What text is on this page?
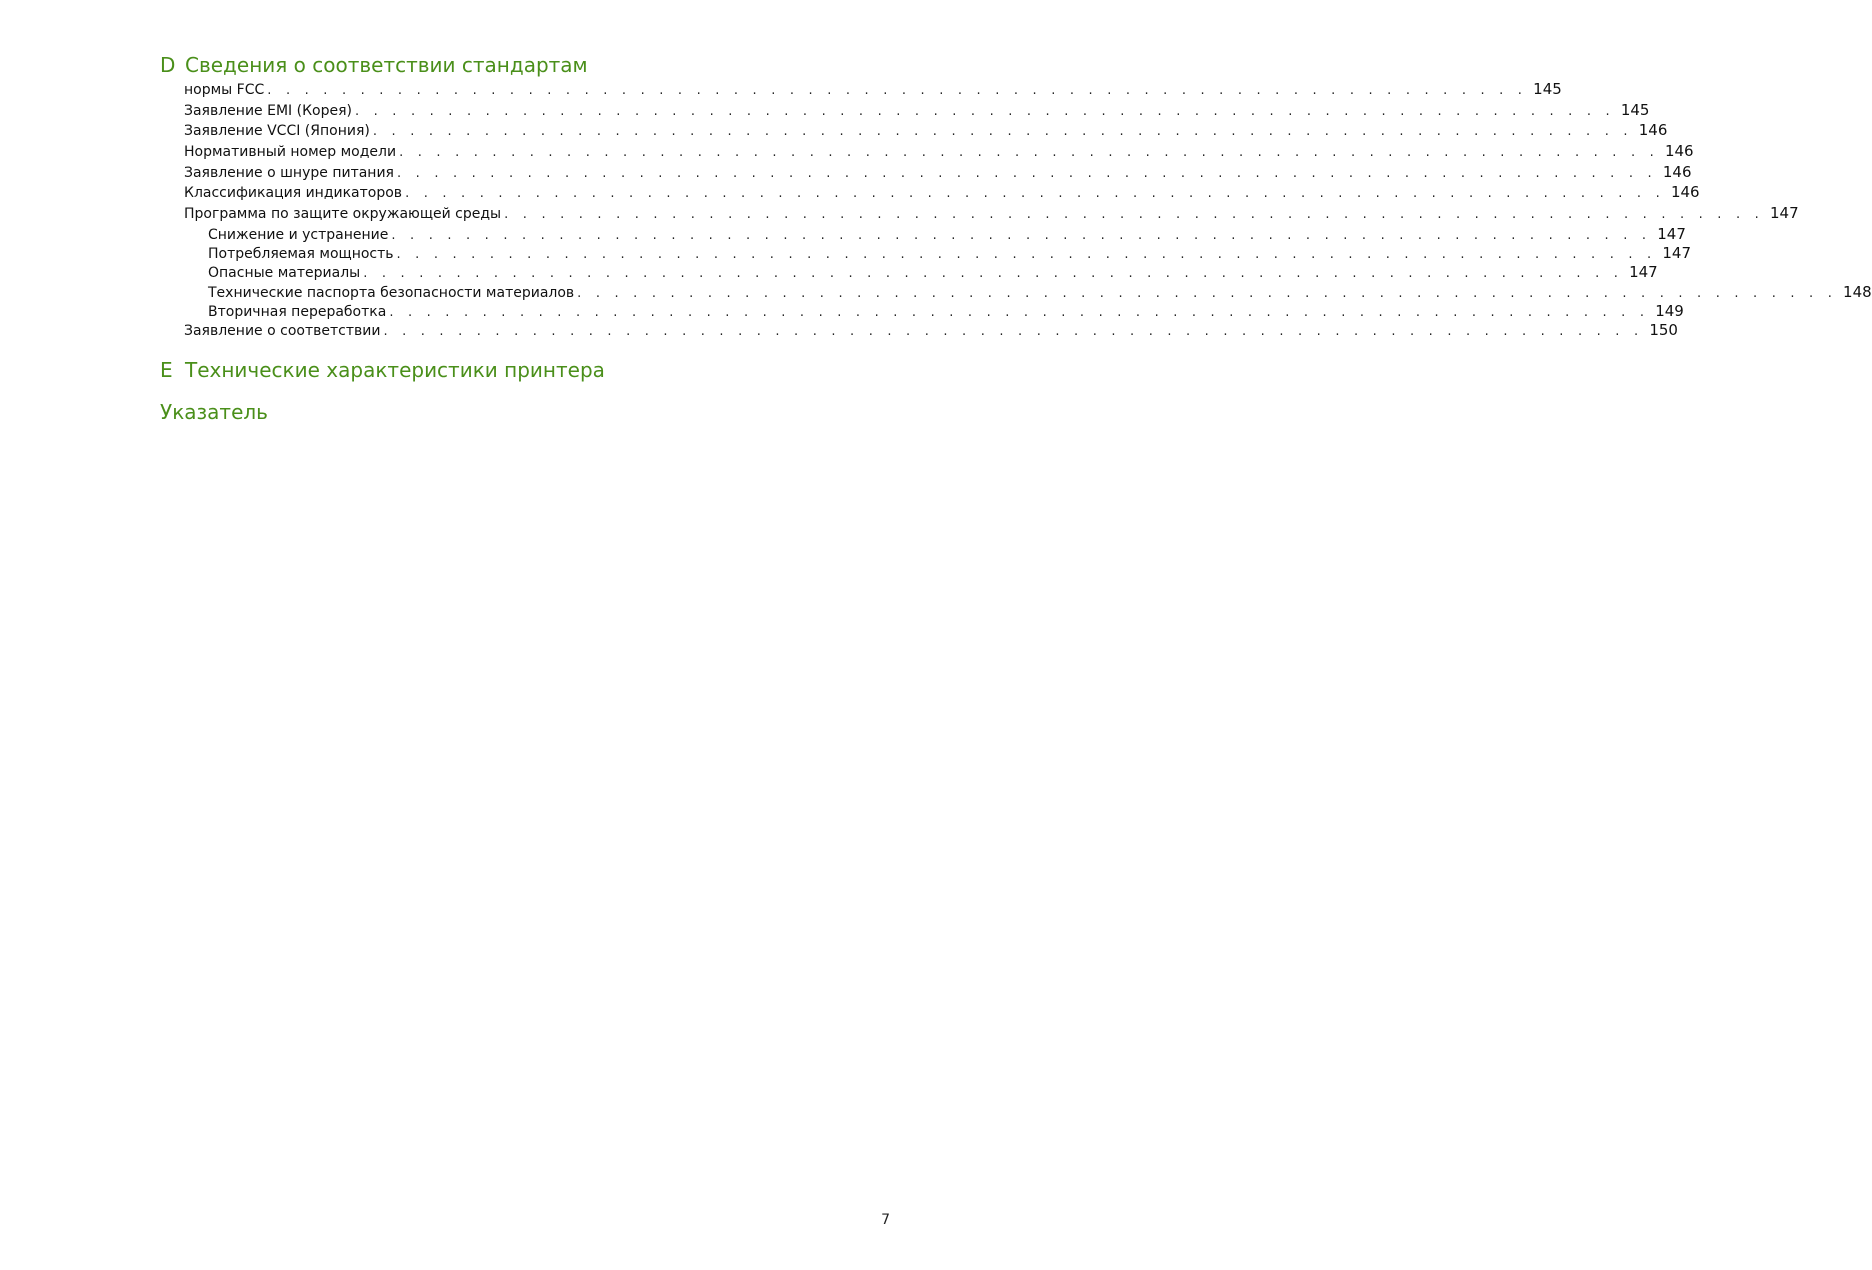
D Сведения о соответствии стандартам
нормы FCC . . . . . . . . . . . . . . . . . . . . . . . . . . . . . . . . . . . . . . . . . . . . . . . . . . . . . . . . . . . . . . . . . . . . 145
Заявление EMI (Корея) . . . . . . . . . . . . . . . . . . . . . . . . . . . . . . . . . . . . . . . . . . . . . . . . . . . . . . . . . . . . . . . . . . . . 145
Заявление VCCI (Япония) . . . . . . . . . . . . . . . . . . . . . . . . . . . . . . . . . . . . . . . . . . . . . . . . . . . . . . . . . . . . . . . . . . . . 146
Нормативный номер модели . . . . . . . . . . . . . . . . . . . . . . . . . . . . . . . . . . . . . . . . . . . . . . . . . . . . . . . . . . . . . . . . . . . . 146
Заявление о шнуре питания . . . . . . . . . . . . . . . . . . . . . . . . . . . . . . . . . . . . . . . . . . . . . . . . . . . . . . . . . . . . . . . . . . . . 146
Классификация индикаторов . . . . . . . . . . . . . . . . . . . . . . . . . . . . . . . . . . . . . . . . . . . . . . . . . . . . . . . . . . . . . . . . . . . . 146
Программа по защите окружающей среды . . . . . . . . . . . . . . . . . . . . . . . . . . . . . . . . . . . . . . . . . . . . . . . . . . . . . . . . . . . . . . . . . . . . 147
Снижение и устранение . . . . . . . . . . . . . . . . . . . . . . . . . . . . . . . . . . . . . . . . . . . . . . . . . . . . . . . . . . . . . . . . . . . . 147
Потребляемая мощность . . . . . . . . . . . . . . . . . . . . . . . . . . . . . . . . . . . . . . . . . . . . . . . . . . . . . . . . . . . . . . . . . . . . 147
Опасные материалы . . . . . . . . . . . . . . . . . . . . . . . . . . . . . . . . . . . . . . . . . . . . . . . . . . . . . . . . . . . . . . . . . . . . 147
Технические паспорта безопасности материалов . . . . . . . . . . . . . . . . . . . . . . . . . . . . . . . . . . . . . . . . . . . . . . . . . . . . . . . . . . . . . . . . . . . . 148
Вторичная переработка . . . . . . . . . . . . . . . . . . . . . . . . . . . . . . . . . . . . . . . . . . . . . . . . . . . . . . . . . . . . . . . . . . . . 149
Заявление о соответствии . . . . . . . . . . . . . . . . . . . . . . . . . . . . . . . . . . . . . . . . . . . . . . . . . . . . . . . . . . . . . . . . . . . . 150
E Технические характеристики принтера
Указатель
7
